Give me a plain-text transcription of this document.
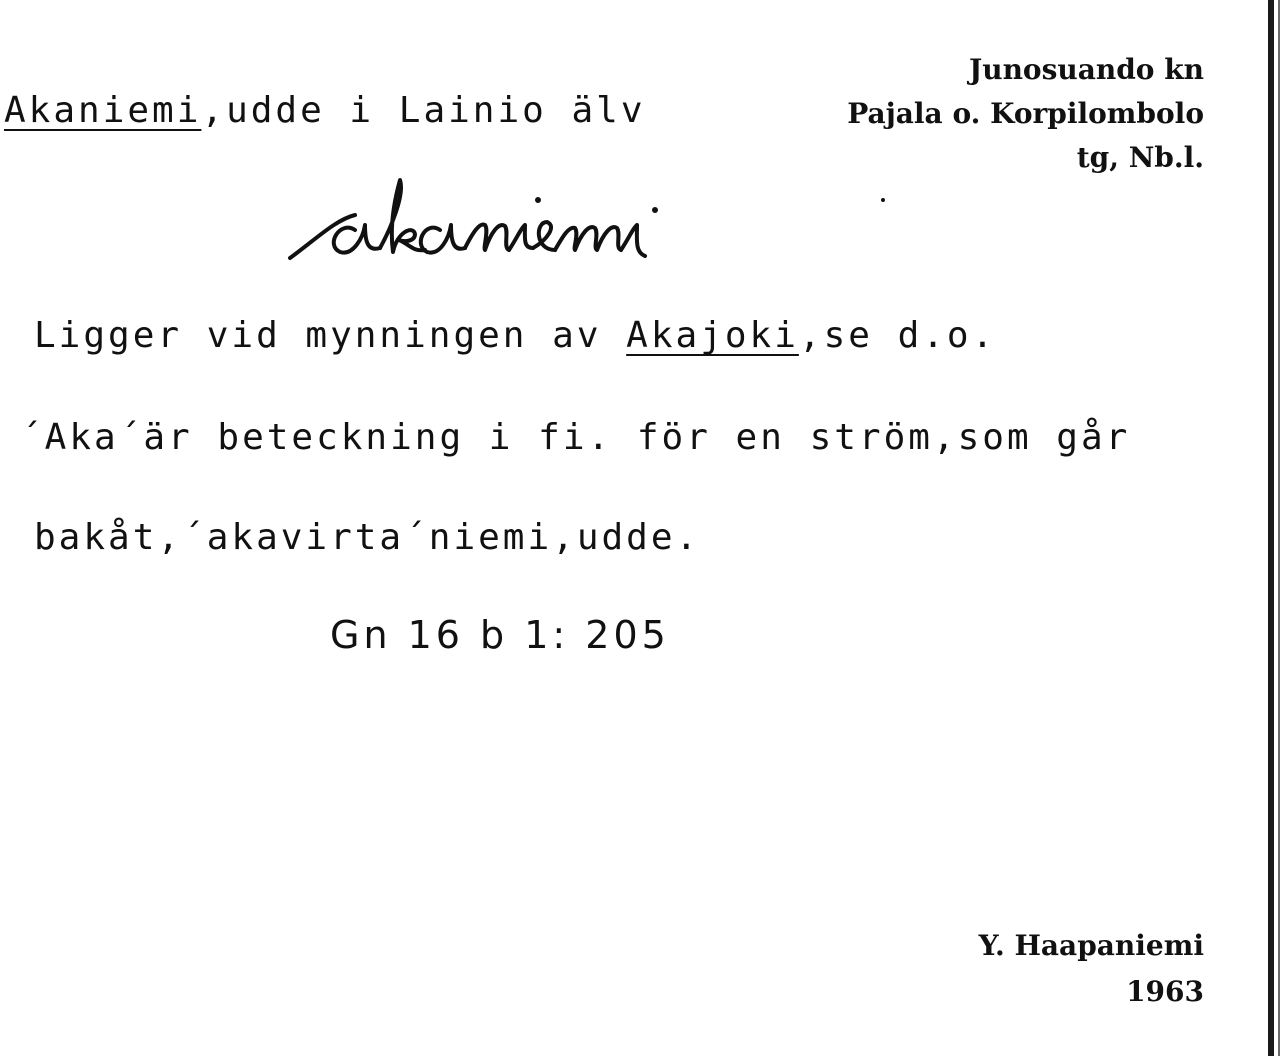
Akaniemi,udde i Lainio älv
Junosuando kn
Pajala o. Korpilombolo
tg, Nb.l.
Ligger vid mynningen av Akajoki,se d.o.
´Aka´är beteckning i fi. för en ström,som går
bakåt,´akavirta´niemi,udde.
Gn 16 b 1: 205
Y. Haapaniemi
1963
